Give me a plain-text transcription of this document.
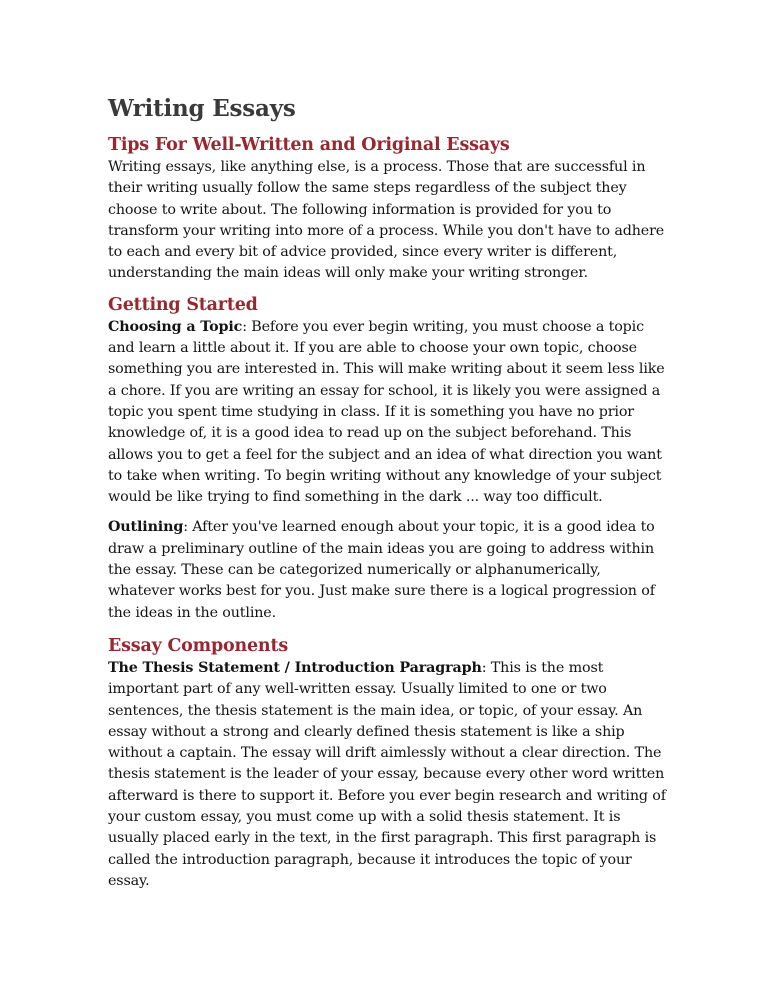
Writing Essays
Tips For Well-Written and Original Essays

Writing essays, like anything else, is a process. Those that are successful in their writing usually follow the same steps regardless of the subject they choose to write about. The following information is provided for you to transform your writing into more of a process. While you don't have to adhere to each and every bit of advice provided, since every writer is different, understanding the main ideas will only make your writing stronger.

Getting Started

Choosing a Topic: Before you ever begin writing, you must choose a topic and learn a little about it. If you are able to choose your own topic, choose something you are interested in. This will make writing about it seem less like a chore. If you are writing an essay for school, it is likely you were assigned a topic you spent time studying in class. If it is something you have no prior knowledge of, it is a good idea to read up on the subject beforehand. This allows you to get a feel for the subject and an idea of what direction you want to take when writing. To begin writing without any knowledge of your subject would be like trying to find something in the dark ... way too difficult.

Outlining: After you've learned enough about your topic, it is a good idea to draw a preliminary outline of the main ideas you are going to address within the essay. These can be categorized numerically or alphanumerically, whatever works best for you. Just make sure there is a logical progression of the ideas in the outline.

Essay Components

The Thesis Statement / Introduction Paragraph: This is the most important part of any well-written essay. Usually limited to one or two sentences, the thesis statement is the main idea, or topic, of your essay. An essay without a strong and clearly defined thesis statement is like a ship without a captain. The essay will drift aimlessly without a clear direction. The thesis statement is the leader of your essay, because every other word written afterward is there to support it. Before you ever begin research and writing of your custom essay, you must come up with a solid thesis statement. It is usually placed early in the text, in the first paragraph. This first paragraph is called the introduction paragraph, because it introduces the topic of your essay.
